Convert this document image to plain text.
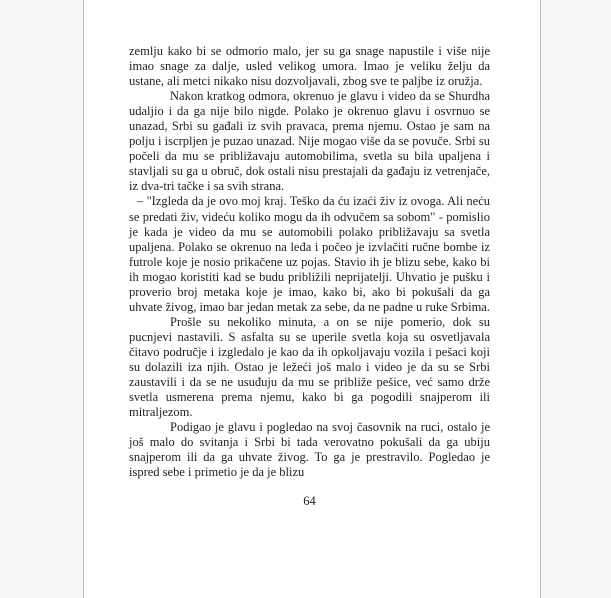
zemlju kako bi se odmorio malo, jer su ga snage napustile i više nije imao snage za dalje, usled velikog umora. Imao je veliku želju da ustane, ali metci nikako nisu dozvoljavali, zbog sve te paljbe iz oružja.

Nakon kratkog odmora, okrenuo je glavu i video da se Shurdha udaljio i da ga nije bilo nigde. Polako je okrenuo glavu i osvrnuo se unazad, Srbi su gađali iz svih pravaca, prema njemu. Ostao je sam na polju i iscrpljen je puzao unazad. Nije mogao više da se povuče. Srbi su počeli da mu se približavaju automobilima, svetla su bila upaljena i stavljali su ga u obruč, dok ostali nisu prestajali da gađaju iz vetrenjače, iz dva-tri tačke i sa svih strana.

– "Izgleda da je ovo moj kraj. Teško da ću izaći živ iz ovoga. Ali neću se predati živ, videću koliko mogu da ih odvučem sa sobom" - pomislio je kada je video da mu se automobili polako približavaju sa svetla upaljena. Polako se okrenuo na leđa i počeo je izvlačiti ručne bombe iz futrole koje je nosio prikačene uz pojas. Stavio ih je blizu sebe, kako bi ih mogao koristiti kad se budu približili neprijatelji. Uhvatio je pušku i proverio broj metaka koje je imao, kako bi, ako bi pokušali da ga uhvate živog, imao bar jedan metak za sebe, da ne padne u ruke Srbima.

Prošle su nekoliko minuta, a on se nije pomerio, dok su pucnjevi nastavili. S asfalta su se uperile svetla koja su osvetljavala čitavo područje i izgledalo je kao da ih opkoljavaju vozila i pešaci koji su dolazili iza njih. Ostao je ležeći još malo i video je da su se Srbi zaustavili i da se ne usuđuju da mu se približe pešice, već samo drže svetla usmerena prema njemu, kako bi ga pogodili snajperom ili mitraljezom.

Podigao je glavu i pogledao na svoj časovnik na ruci, ostalo je još malo do svitanja i Srbi bi tada verovatno pokušali da ga ubiju snajperom ili da ga uhvate živog. To ga je prestravilo. Pogledao je ispred sebe i primetio je da je blizu

64
